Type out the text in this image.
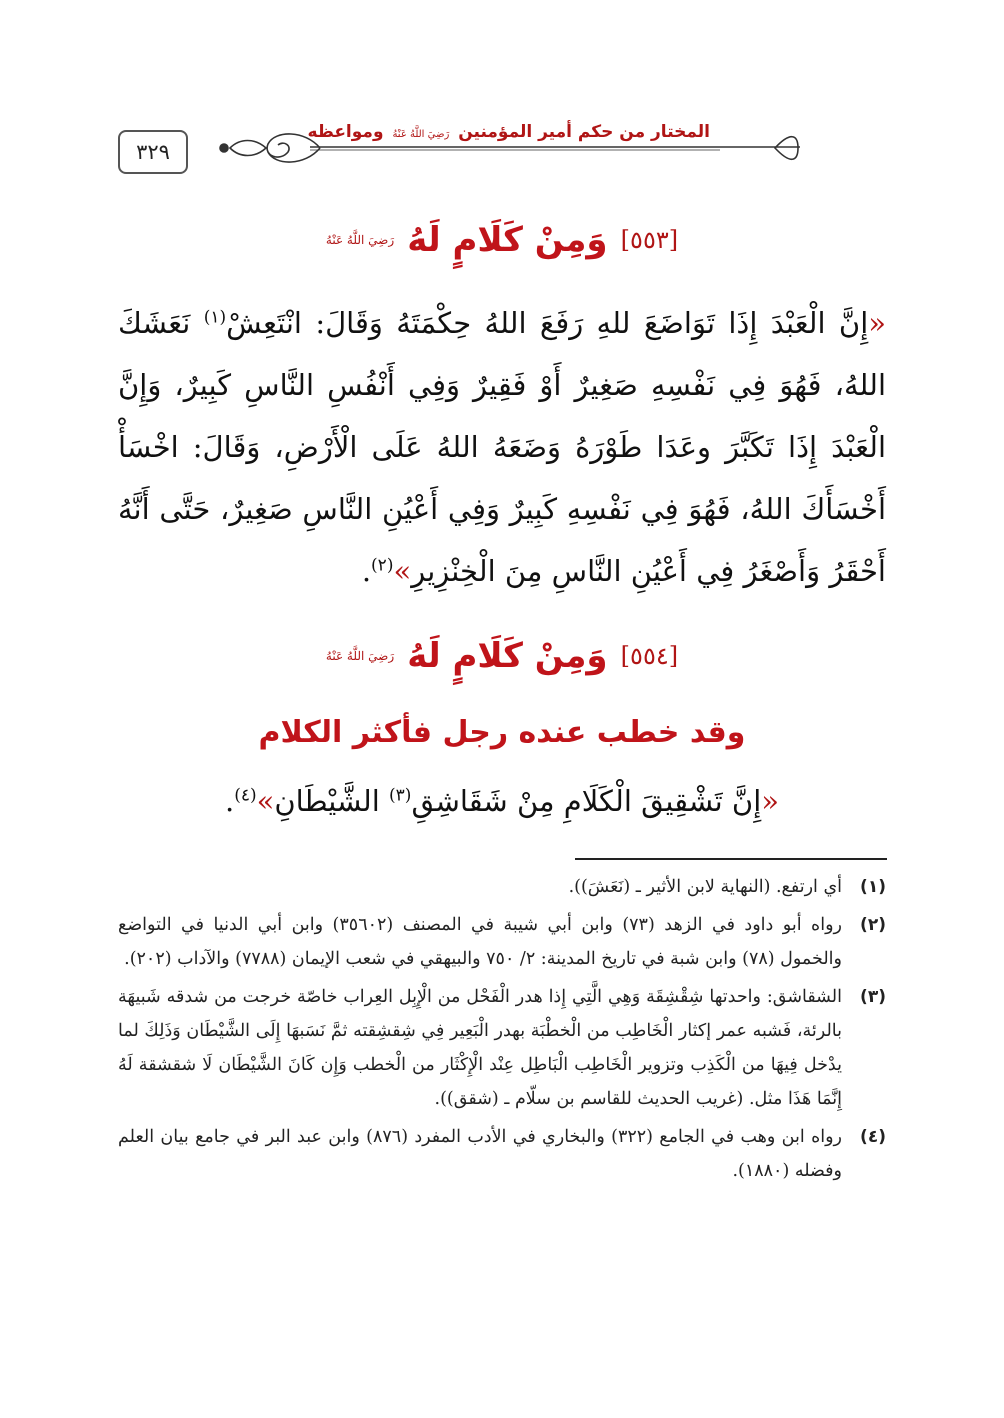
المختار من حكم أمير المؤمنين رَضِيَ اللَّهُ عَنْهُ ومواعظه
٣٢٩
[٥٥٣] وَمِنْ كَلَامٍ لَهُ رَضِيَ اللَّهُ عَنْهُ
«إِنَّ الْعَبْدَ إِذَا تَوَاضَعَ للهِ رَفَعَ اللهُ حِكْمَتَهُ وَقَالَ: انْتَعِشْ$^{(١)}$ نَعَشَكَ اللهُ، فَهُوَ فِي نَفْسِهِ صَغِيرٌ أَوْ فَقِيرٌ وَفِي أَنْفُسِ النَّاسِ كَبِيرٌ، وَإِنَّ الْعَبْدَ إِذَا تَكَبَّرَ وعَدَا طَوْرَهُ وَضَعَهُ اللهُ عَلَى الْأَرْضِ، وَقَالَ: اخْسَأْ أَخْسَأَكَ اللهُ، فَهُوَ فِي نَفْسِهِ كَبِيرٌ وَفِي أَعْيُنِ النَّاسِ صَغِيرٌ، حَتَّى أَنَّهُ أَحْقَرُ وَأَصْغَرُ فِي أَعْيُنِ النَّاسِ مِنَ الْخِنْزِيرِ»$^{(٢)}$.
[٥٥٤] وَمِنْ كَلَامٍ لَهُ رَضِيَ اللَّهُ عَنْهُ
وقد خطب عنده رجل فأكثر الكلام
«إِنَّ تَشْقِيقَ الْكَلَامِ مِنْ شَقَاشِقِ$^{(٣)}$ الشَّيْطَانِ»$^{(٤)}$.
(١)
أي ارتفع. (النهاية لابن الأثير ـ (نَعَشَ)).
(٢)
رواه أبو داود في الزهد (٧٣) وابن أبي شيبة في المصنف (٣٥٦٠٢) وابن أبي الدنيا في التواضع والخمول (٧٨) وابن شبة في تاريخ المدينة: ٢/ ٧٥٠ والبيهقي في شعب الإيمان (٧٧٨٨) والآداب (٢٠٢).
(٣)
الشقاشق: واحدتها شِقْشِقَة وَهِي الَّتِي إِذا هدر الْفَحْل من الْإِبِل العِراب خاصّة خرجت من شدقه شَبيهَة بالرئة، فَشبه عمر إكثار الْخَاطِب من الْخطْبَة بهدر الْبَعِير فِي شِقشِقته ثمَّ نَسَبهَا إِلَى الشَّيْطَان وَذَلِكَ لما يدْخل فِيهَا من الْكَذِب وتزوير الْخَاطِب الْبَاطِل عِنْد الْإِكْثَار من الْخطب وَإِن كَانَ الشَّيْطَان لَا شقشقة لَهُ إِنَّمَا هَذَا مثل. (غريب الحديث للقاسم بن سلّام ـ (شقق)).
(٤)
رواه ابن وهب في الجامع (٣٢٢) والبخاري في الأدب المفرد (٨٧٦) وابن عبد البر في جامع بيان العلم وفضله (١٨٨٠).
